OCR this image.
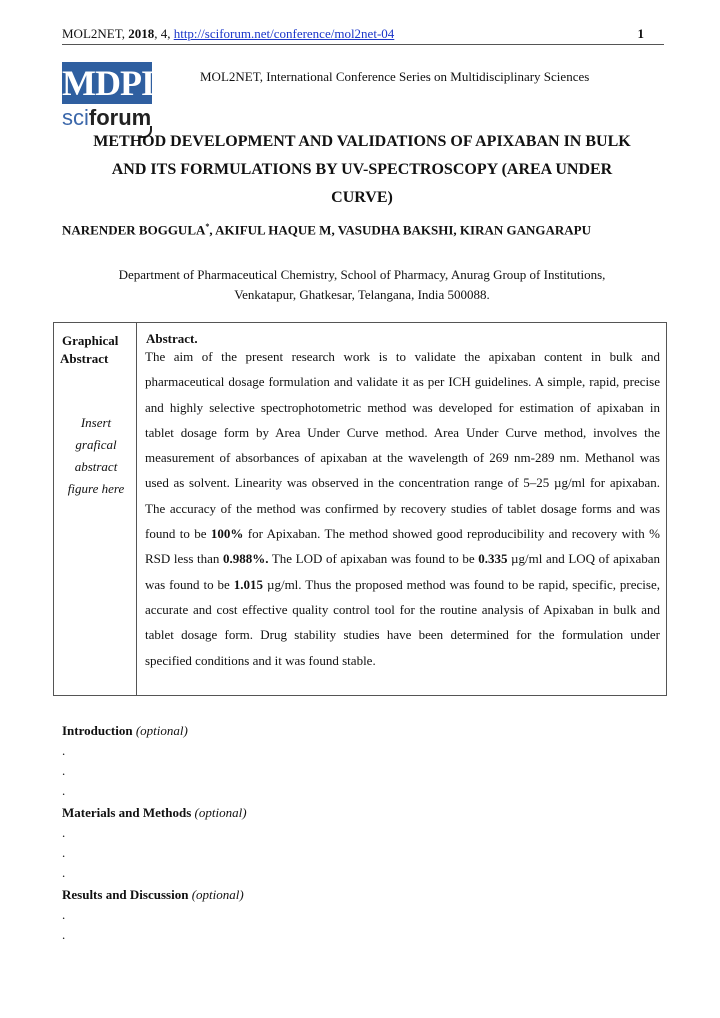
MOL2NET, 2018, 4, http://sciforum.net/conference/mol2net-04	1
MDPI
sciforum
MOL2NET, International Conference Series on Multidisciplinary Sciences
METHOD DEVELOPMENT AND VALIDATIONS OF APIXABAN IN BULK
AND ITS FORMULATIONS BY UV-SPECTROSCOPY (AREA UNDER
CURVE)
NARENDER BOGGULA*, AKIFUL HAQUE M, VASUDHA BAKSHI, KIRAN GANGARAPU
Department of Pharmaceutical Chemistry, School of Pharmacy, Anurag Group of Institutions,
Venkatapur, Ghatkesar, Telangana, India 500088.
Graphical
Abstract
Insert
grafical
abstract
figure here
Abstract.
The aim of the present research work is to validate the apixaban content in bulk and pharmaceutical dosage formulation and validate it as per ICH guidelines. A simple, rapid, precise and highly selective spectrophotometric method was developed for estimation of apixaban in tablet dosage form by Area Under Curve method. Area Under Curve method, involves the measurement of absorbances of apixaban at the wavelength of 269 nm-289 nm. Methanol was used as solvent. Linearity was observed in the concentration range of 5–25 µg/ml for apixaban. The accuracy of the method was confirmed by recovery studies of tablet dosage forms and was found to be 100% for Apixaban. The method showed good reproducibility and recovery with % RSD less than 0.988%. The LOD of apixaban was found to be 0.335 µg/ml and LOQ of apixaban was found to be 1.015 µg/ml. Thus the proposed method was found to be rapid, specific, precise, accurate and cost effective quality control tool for the routine analysis of Apixaban in bulk and tablet dosage form. Drug stability studies have been determined for the formulation under specified conditions and it was found stable.
Introduction (optional)
.
.
.
Materials and Methods (optional)
.
.
.
Results and Discussion (optional)
.
.
